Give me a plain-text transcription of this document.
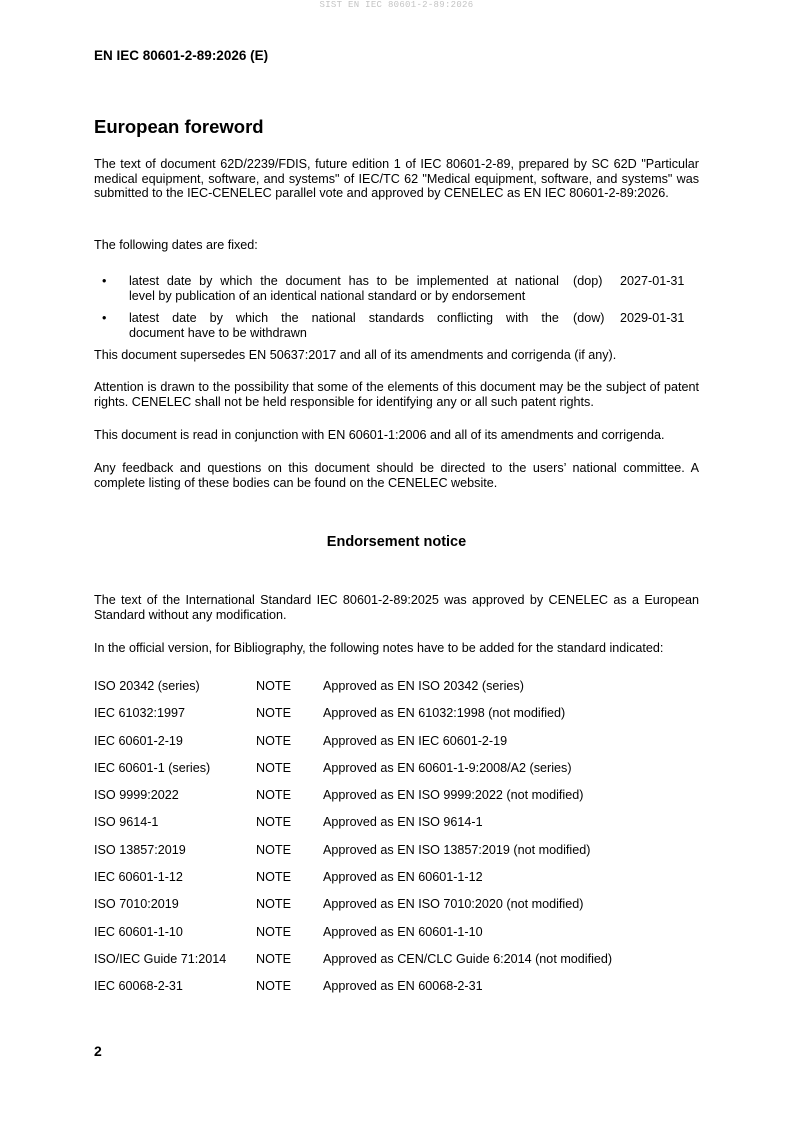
SIST EN IEC 80601-2-89:2026
EN IEC 80601-2-89:2026 (E)
European foreword
The text of document 62D/2239/FDIS, future edition 1 of IEC 80601-2-89, prepared by SC 62D "Particular medical equipment, software, and systems" of IEC/TC 62 "Medical equipment, software, and systems" was submitted to the IEC-CENELEC parallel vote and approved by CENELEC as EN IEC 80601-2-89:2026.
The following dates are fixed:
• latest date by which the document has to be implemented at national
level by publication of an identical national standard or by endorsement
(dop) 2027-01-31
• latest date by which the national standards conflicting with the
document have to be withdrawn
(dow) 2029-01-31
This document supersedes EN 50637:2017 and all of its amendments and corrigenda (if any).
Attention is drawn to the possibility that some of the elements of this document may be the subject of patent rights. CENELEC shall not be held responsible for identifying any or all such patent rights.
This document is read in conjunction with EN 60601-1:2006 and all of its amendments and corrigenda.
Any feedback and questions on this document should be directed to the users’ national committee. A complete listing of these bodies can be found on the CENELEC website.
Endorsement notice
The text of the International Standard IEC 80601-2-89:2025 was approved by CENELEC as a European Standard without any modification.
In the official version, for Bibliography, the following notes have to be added for the standard indicated:
ISO 20342 (series)	NOTE	Approved as EN ISO 20342 (series)
IEC 61032:1997	NOTE	Approved as EN 61032:1998 (not modified)
IEC 60601-2-19	NOTE	Approved as EN IEC 60601-2-19
IEC 60601-1 (series)	NOTE	Approved as EN 60601-1-9:2008/A2 (series)
ISO 9999:2022	NOTE	Approved as EN ISO 9999:2022 (not modified)
ISO 9614-1	NOTE	Approved as EN ISO 9614-1
ISO 13857:2019	NOTE	Approved as EN ISO 13857:2019 (not modified)
IEC 60601-1-12	NOTE	Approved as EN 60601-1-12
ISO 7010:2019	NOTE	Approved as EN ISO 7010:2020 (not modified)
IEC 60601-1-10	NOTE	Approved as EN 60601-1-10
ISO/IEC Guide 71:2014 NOTE	Approved as CEN/CLC Guide 6:2014 (not modified)
IEC 60068-2-31	NOTE	Approved as EN 60068-2-31
2
